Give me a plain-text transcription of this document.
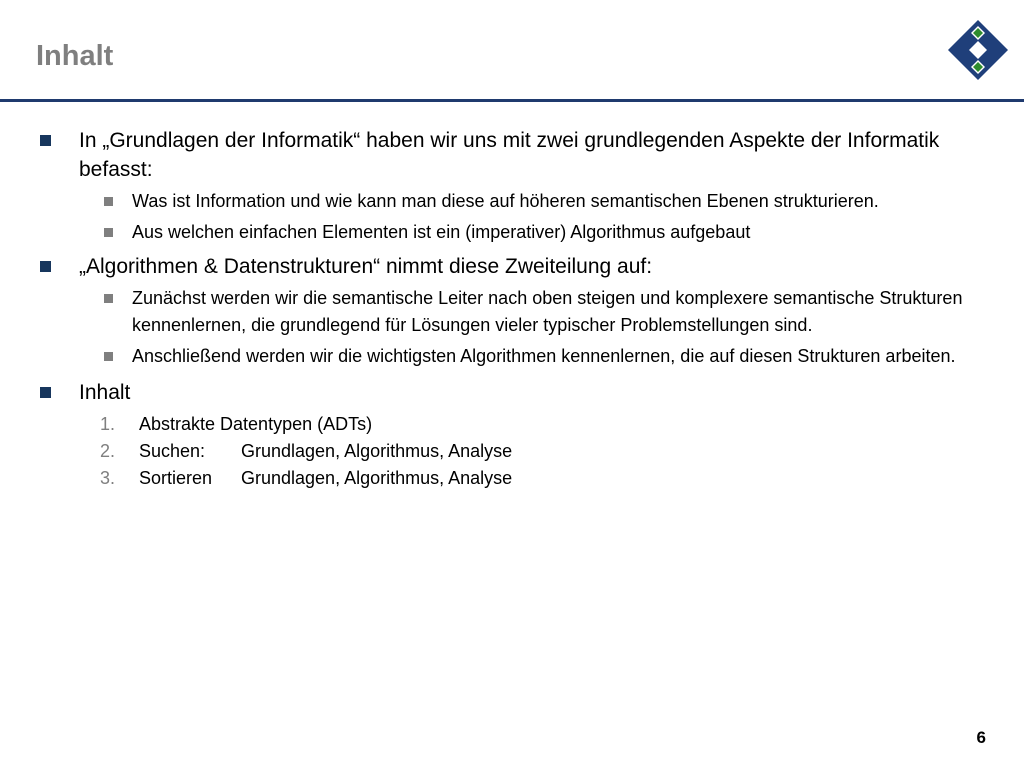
Inhalt
In „Grundlagen der Informatik“ haben wir uns mit zwei grundlegenden Aspekte der Informatik befasst:
Was ist Information und wie kann man diese auf höheren semantischen Ebenen strukturieren.
Aus welchen einfachen Elementen ist ein (imperativer) Algorithmus aufgebaut
„Algorithmen & Datenstrukturen“ nimmt diese Zweiteilung auf:
Zunächst werden wir die semantische Leiter nach oben steigen und komplexere semantische Strukturen kennenlernen, die grundlegend für Lösungen vieler typischer Problemstellungen sind.
Anschließend werden wir die wichtigsten Algorithmen kennenlernen, die auf diesen Strukturen arbeiten.
Inhalt
1. Abstrakte Datentypen (ADTs)
2. Suchen: Grundlagen, Algorithmus, Analyse
3. Sortieren Grundlagen, Algorithmus, Analyse
6
